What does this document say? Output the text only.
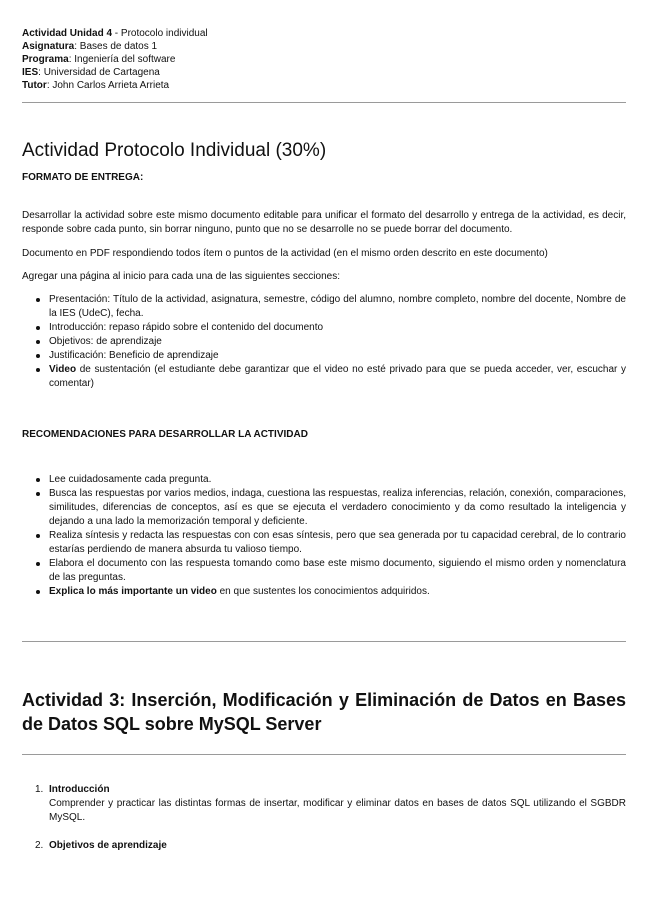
Actividad Unidad 4 - Protocolo individual
Asignatura: Bases de datos 1
Programa: Ingeniería del software
IES: Universidad de Cartagena
Tutor: John Carlos Arrieta Arrieta
Actividad Protocolo Individual (30%)
FORMATO DE ENTREGA:
Desarrollar la actividad sobre este mismo documento editable para unificar el formato del desarrollo y entrega de la actividad, es decir, responde sobre cada punto, sin borrar ninguno, punto que no se desarrolle no se puede borrar del documento.
Documento en PDF respondiendo todos ítem o puntos de la actividad (en el mismo orden descrito en este documento)
Agregar una página al inicio para cada una de las siguientes secciones:
Presentación: Título de la actividad, asignatura, semestre, código del alumno, nombre completo, nombre del docente, Nombre de la IES (UdeC), fecha.
Introducción: repaso rápido sobre el contenido del documento
Objetivos: de aprendizaje
Justificación: Beneficio de aprendizaje
Video de sustentación (el estudiante debe garantizar que el video no esté privado para que se pueda acceder, ver, escuchar y comentar)
RECOMENDACIONES PARA DESARROLLAR LA ACTIVIDAD
Lee cuidadosamente cada pregunta.
Busca las respuestas por varios medios, indaga, cuestiona las respuestas, realiza inferencias, relación, conexión, comparaciones, similitudes, diferencias de conceptos, así es que se ejecuta el verdadero conocimiento y da como resultado la inteligencia y dejando a una lado la memorización temporal y deficiente.
Realiza síntesis y redacta las respuestas con con esas síntesis, pero que sea generada por tu capacidad cerebral, de lo contrario estarías perdiendo de manera absurda tu valioso tiempo.
Elabora el documento con las respuesta tomando como base este mismo documento, siguiendo el mismo orden y nomenclatura de las preguntas.
Explica lo más importante un video en que sustentes los conocimientos adquiridos.
Actividad 3: Inserción, Modificación y Eliminación de Datos en Bases de Datos SQL sobre MySQL Server
1. Introducción
Comprender y practicar las distintas formas de insertar, modificar y eliminar datos en bases de datos SQL utilizando el SGBDR MySQL.
2. Objetivos de aprendizaje
